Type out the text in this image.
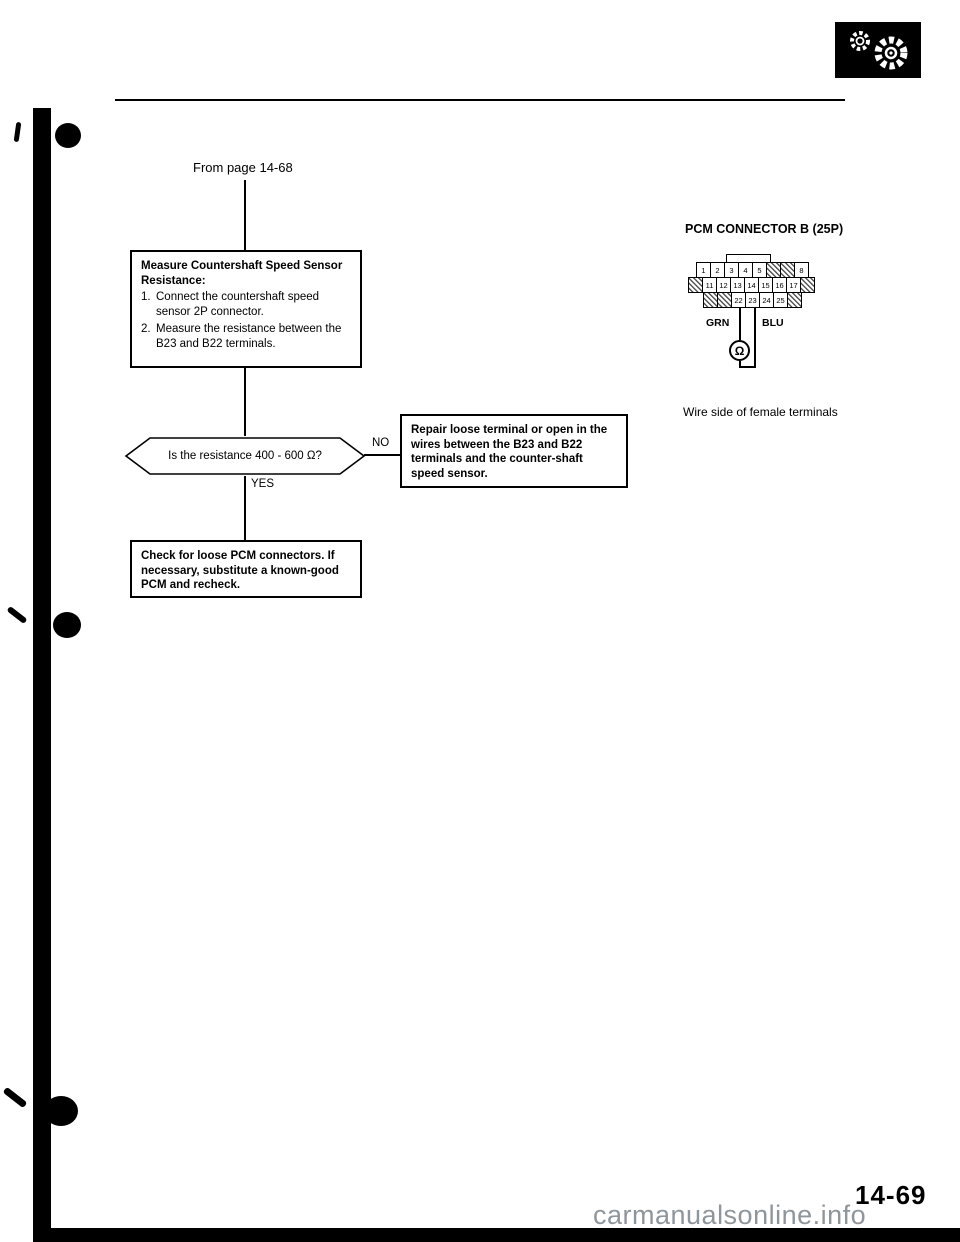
From page 14-68
Measure Countershaft Speed Sensor Resistance:
1. Connect the countershaft speed sensor 2P connector.
2. Measure the resistance between the B23 and B22 terminals.
Is the resistance 400 - 600 Ω?
NO
YES
Repair loose terminal or open in the wires between the B23 and B22 terminals and the counter-shaft speed sensor.
Check for loose PCM connectors. If necessary, substitute a known-good PCM and recheck.
PCM CONNECTOR B (25P)
1	2	3	4	5	8
11 12 13 14 15 16 17
22 23 24 25
GRN	BLU
Ω
Wire side of female terminals
14-69
carmanualsonline.info
